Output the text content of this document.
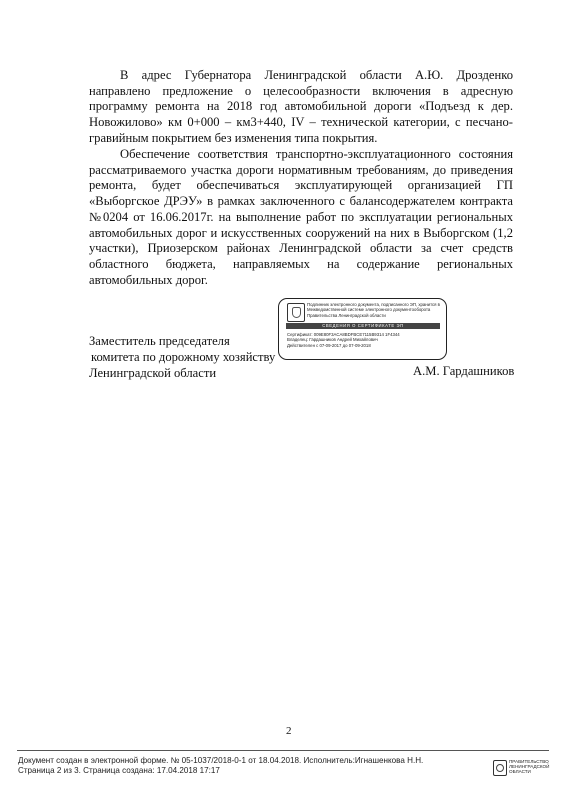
В адрес Губернатора Ленинградской области А.Ю. Дрозденко направлено предложение о целесообразности включения в адресную программу ремонта на 2018 год автомобильной дороги «Подъезд к дер. Новожилово» км 0+000 – км3+440, IV – технической категории, с песчано-гравийным покрытием без изменения типа покрытия.

Обеспечение соответствия транспортно-эксплуатационного состояния рассматриваемого участка дороги нормативным требованиям, до приведения ремонта, будет обеспечиваться эксплуатирующей организацией ГП «Выборгское ДРЭУ» в рамках заключенного с балансодержателем контракта №0204 от 16.06.2017г. на выполнение работ по эксплуатации региональных автомобильных дорог и искусственных сооружений на них в Выборгском (1,2 участки), Приозерском районах Ленинградской области за счет средств областного бюджета, направляемых на содержание региональных автомобильных дорог.

Заместитель председателя
комитета по дорожному хозяйству
Ленинградской области	А.М. Гардашников
Подлинник электронного документа, подписанного ЭП, хранится в Межведомственной системе электронного документооборота Правительства Ленинградской области
СВЕДЕНИЯ О СЕРТИФИКАТЕ ЭП
Сертификат: 009E80F3ACA8BDFBCE7115B9314 1F4344
Владелец: Гардашников Андрей Михайлович
Действителен с 07-09-2017 до 07-09-2018
2
Документ создан в электронной форме. № 05-1037/2018-0-1 от 18.04.2018. Исполнитель:Игнашенкова Н.Н.
Страница 2 из 3. Страница создана: 17.04.2018 17:17
ПРАВИТЕЛЬСТВО
ЛЕНИНГРАДСКОЙ
ОБЛАСТИ
